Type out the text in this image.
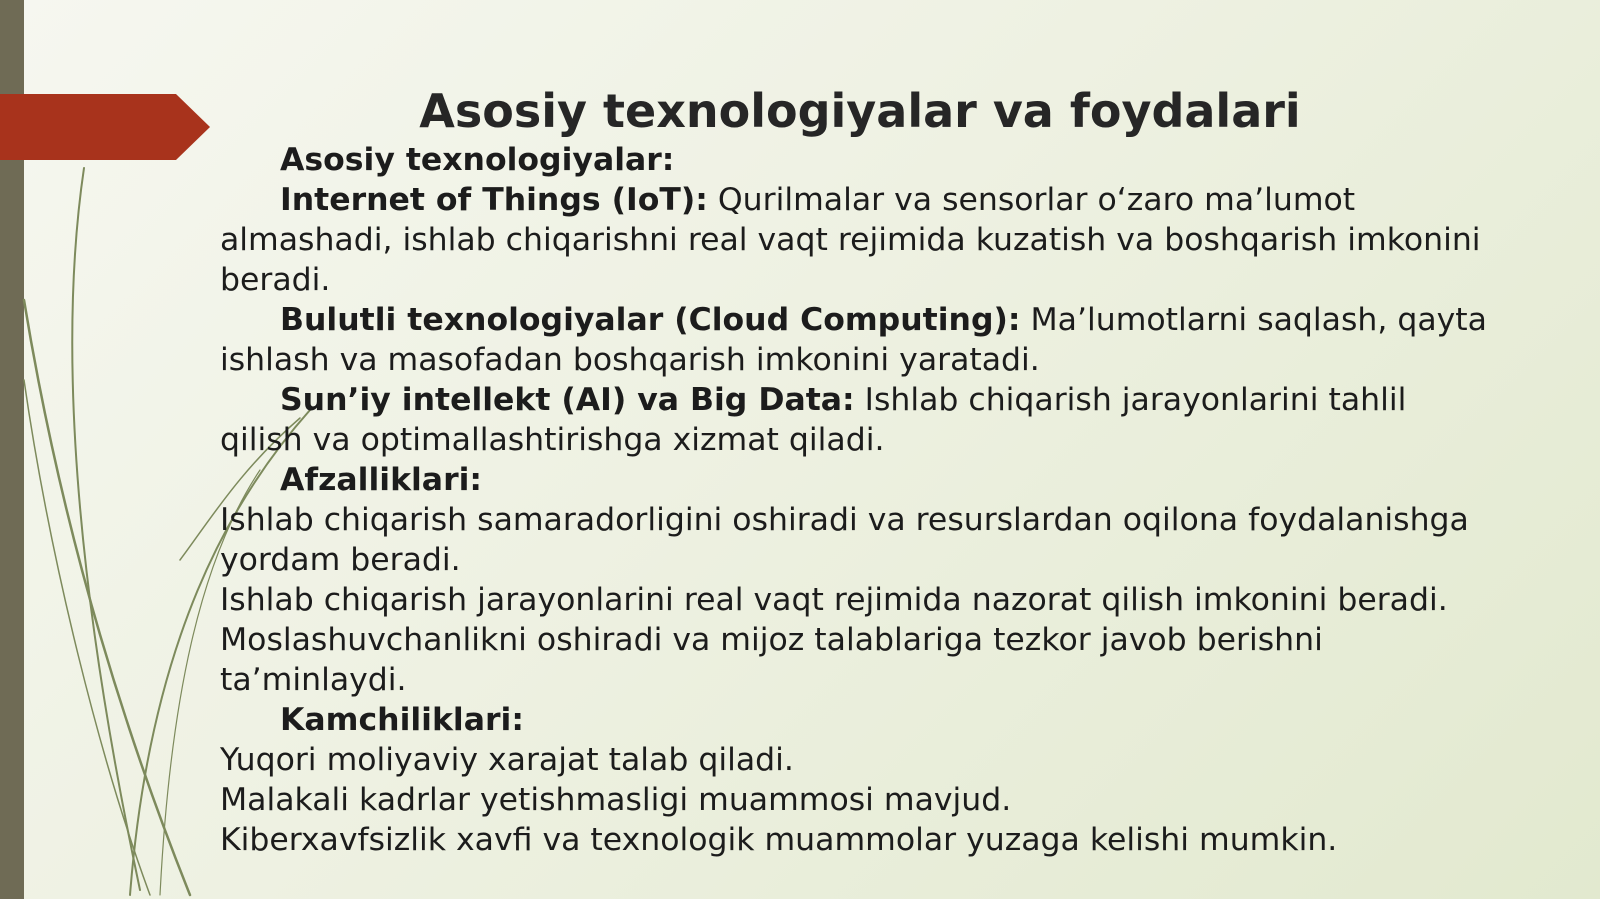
Asosiy texnologiyalar va foydalari

Asosiy texnologiyalar:

Internet of Things (IoT): Qurilmalar va sensorlar oʻzaro maʼlumot almashadi, ishlab chiqarishni real vaqt rejimida kuzatish va boshqarish imkonini beradi.

Bulutli texnologiyalar (Cloud Computing): Maʼlumotlarni saqlash, qayta ishlash va masofadan boshqarish imkonini yaratadi.

Sunʼiy intellekt (AI) va Big Data: Ishlab chiqarish jarayonlarini tahlil qilish va optimallashtirishga xizmat qiladi.

Afzalliklari:

Ishlab chiqarish samaradorligini oshiradi va resurslardan oqilona foydalanishga yordam beradi.

Ishlab chiqarish jarayonlarini real vaqt rejimida nazorat qilish imkonini beradi.

Moslashuvchanlikni oshiradi va mijoz talablariga tezkor javob berishni taʼminlaydi.

Kamchiliklari:

Yuqori moliyaviy xarajat talab qiladi.

Malakali kadrlar yetishmasligi muammosi mavjud.

Kiberxavfsizlik xavfi va texnologik muammolar yuzaga kelishi mumkin.
